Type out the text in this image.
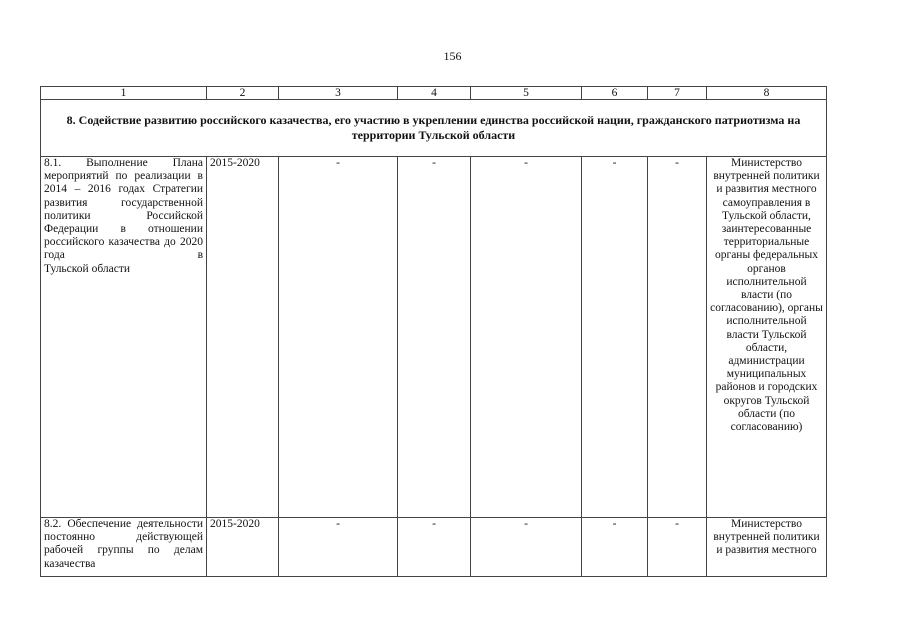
156
1	2	3	4	5	6	7	8
8. Содействие развитию российского казачества, его участию в укреплении единства российской нации, гражданского патриотизма на территории Тульской области							
8.1. Выполнение Плана мероприятий по реализации в 2014 – 2016 годах Стратегии развития государственной политики Российской Федерации в отношении российского казачества до 2020 года в
Тульской области	2015-2020	-	-	-	-	-	Министерство внутренней политики и развития местного самоуправления в Тульской области, заинтересованные территориальные органы федеральных органов исполнительной власти (по согласованию), органы исполнительной власти Тульской области, администрации муниципальных районов и городских округов Тульской области (по согласованию)
8.2. Обеспечение деятельности постоянно действующей рабочей группы по делам казачества	2015-2020	-	-	-	-	-	Министерство внутренней политики и развития местного
